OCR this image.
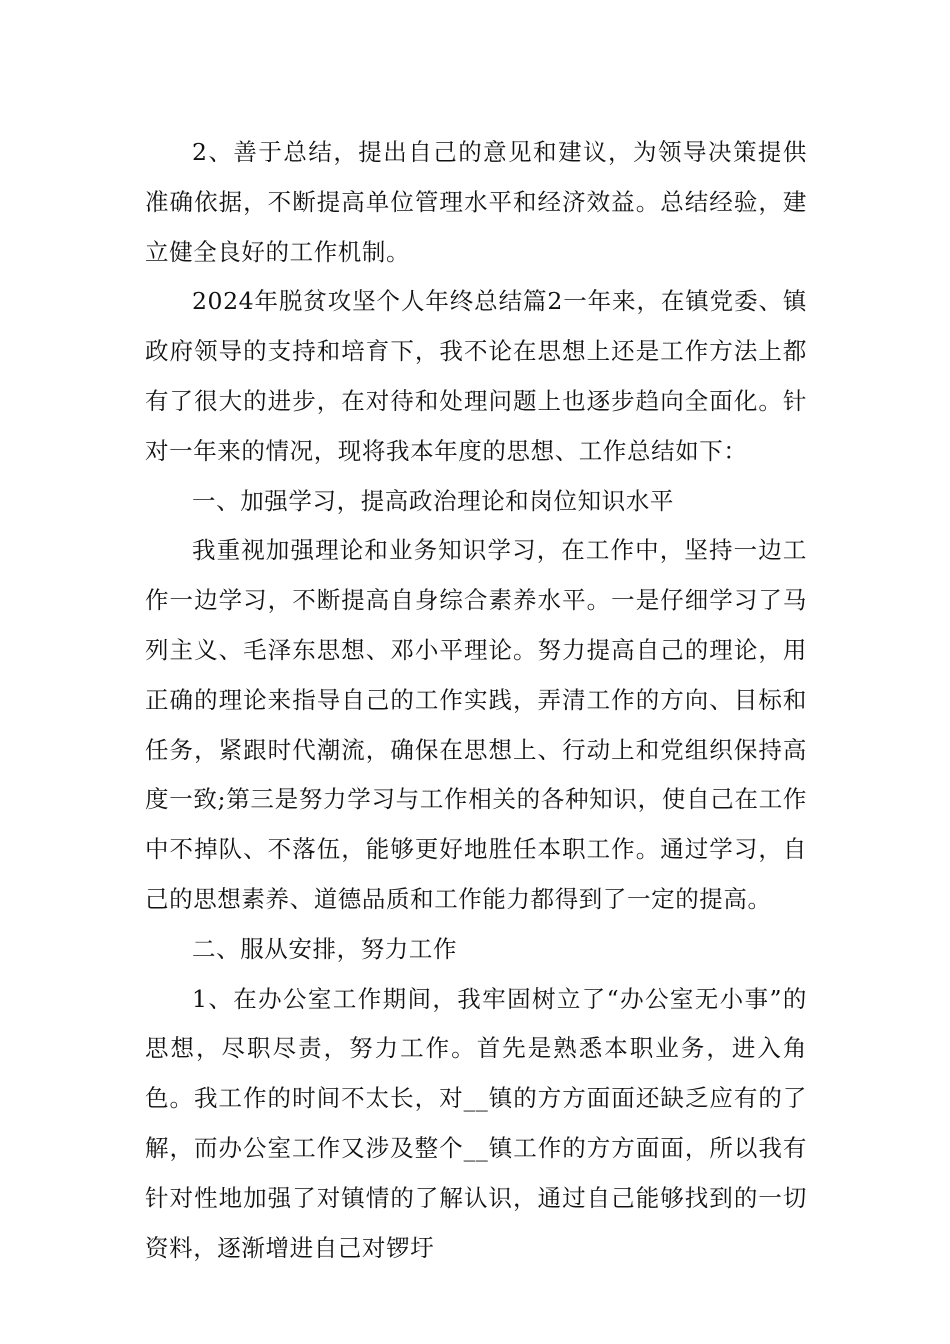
2、善于总结，提出自己的意见和建议，为领导决策提供准确依据，不断提高单位管理水平和经济效益。总结经验，建立健全良好的工作机制。

2024年脱贫攻坚个人年终总结篇2一年来，在镇党委、镇政府领导的支持和培育下，我不论在思想上还是工作方法上都有了很大的进步，在对待和处理问题上也逐步趋向全面化。针对一年来的情况，现将我本年度的思想、工作总结如下：

一、加强学习，提高政治理论和岗位知识水平

我重视加强理论和业务知识学习，在工作中，坚持一边工作一边学习，不断提高自身综合素养水平。一是仔细学习了马列主义、毛泽东思想、邓小平理论。努力提高自己的理论，用正确的理论来指导自己的工作实践，弄清工作的方向、目标和任务，紧跟时代潮流，确保在思想上、行动上和党组织保持高度一致;第三是努力学习与工作相关的各种知识，使自己在工作中不掉队、不落伍，能够更好地胜任本职工作。通过学习，自己的思想素养、道德品质和工作能力都得到了一定的提高。

二、服从安排，努力工作

1、在办公室工作期间，我牢固树立了“办公室无小事”的思想，尽职尽责，努力工作。首先是熟悉本职业务，进入角色。我工作的时间不太长，对__镇的方方面面还缺乏应有的了解，而办公室工作又涉及整个__镇工作的方方面面，所以我有针对性地加强了对镇情的了解认识，通过自己能够找到的一切资料，逐渐增进自己对锣圩
